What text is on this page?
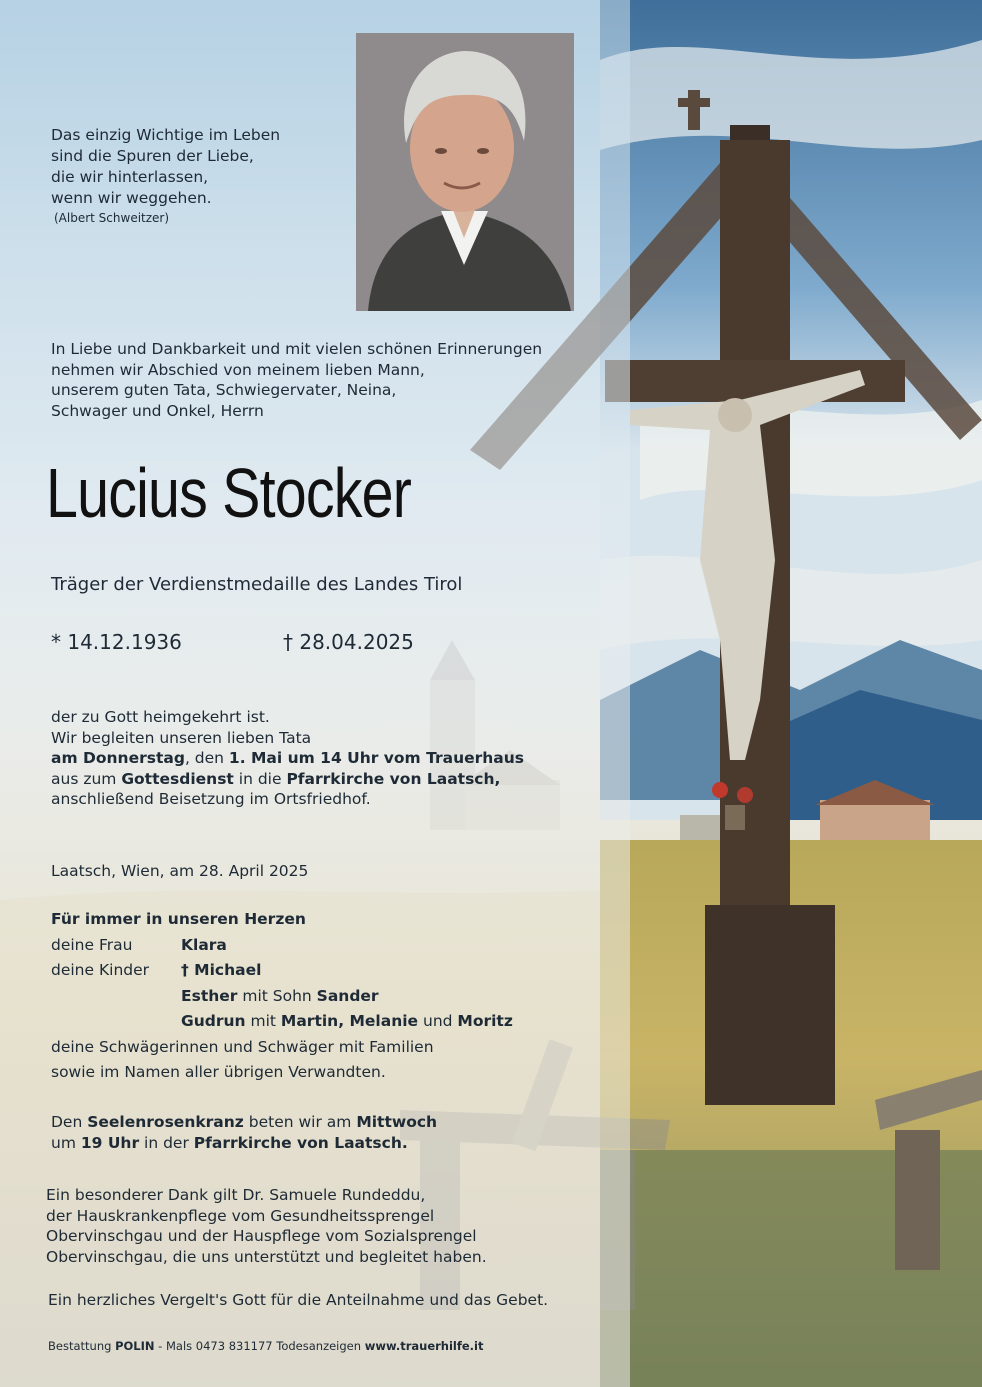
Das einzig Wichtige im Leben
sind die Spuren der Liebe,
die wir hinterlassen,
wenn wir weggehen.
(Albert Schweitzer)
In Liebe und Dankbarkeit und mit vielen schönen Erinnerungen
nehmen wir Abschied von meinem lieben Mann,
unserem guten Tata, Schwiegervater, Neina,
Schwager und Onkel, Herrn
Lucius Stocker
Träger der Verdienstmedaille des Landes Tirol
* 14.12.1936	† 28.04.2025
der zu Gott heimgekehrt ist.
Wir begleiten unseren lieben Tata
am Donnerstag, den 1. Mai um 14 Uhr vom Trauerhaus
aus zum Gottesdienst in die Pfarrkirche von Laatsch,
anschließend Beisetzung im Ortsfriedhof.
Laatsch, Wien, am 28. April 2025
Für immer in unseren Herzen
deine Frau	Klara
deine Kinder † Michael
Esther mit Sohn Sander
Gudrun mit Martin, Melanie und Moritz
deine Schwägerinnen und Schwäger mit Familien
sowie im Namen aller übrigen Verwandten.
Den Seelenrosenkranz beten wir am Mittwoch
um 19 Uhr in der Pfarrkirche von Laatsch.
Ein besonderer Dank gilt Dr. Samuele Rundeddu,
der Hauskrankenpflege vom Gesundheitssprengel
Obervinschgau und der Hauspflege vom Sozialsprengel
Obervinschgau, die uns unterstützt und begleitet haben.
Ein herzliches Vergelt's Gott für die Anteilnahme und das Gebet.
Bestattung POLIN - Mals 0473 831177 Todesanzeigen www.trauerhilfe.it
